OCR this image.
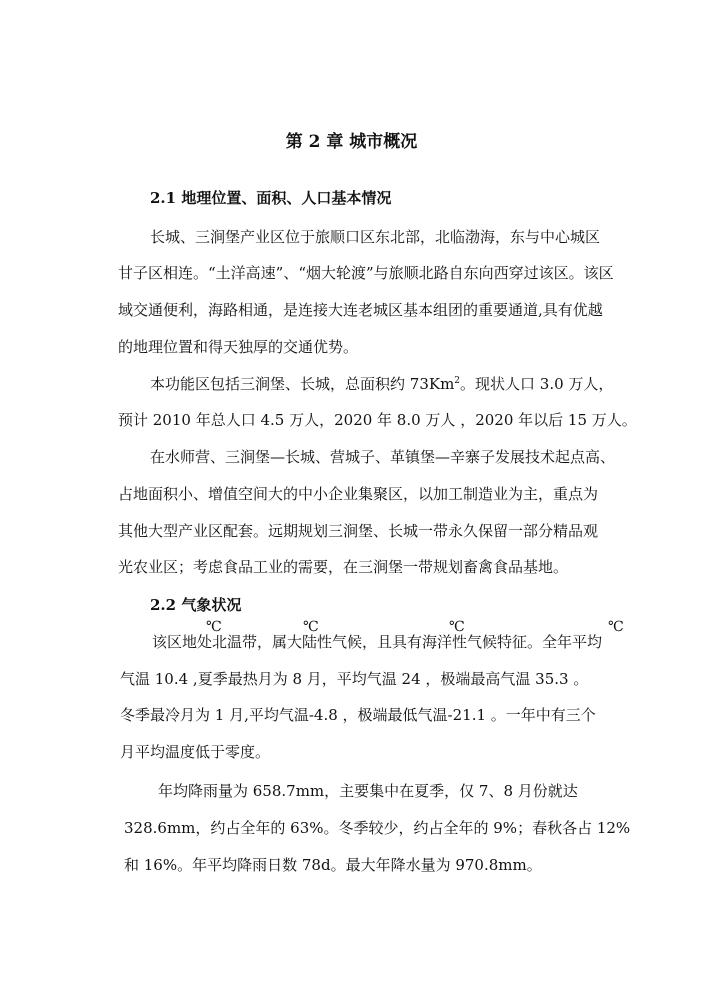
第 2 章 城市概况
2.1 地理位置、面积、人口基本情况
长城、三涧堡产业区位于旅顺口区东北部，北临渤海，东与中心城区
甘子区相连。“土洋高速”、“烟大轮渡”与旅顺北路自东向西穿过该区。该区
域交通便利，海路相通，是连接大连老城区基本组团的重要通道,具有优越
的地理位置和得天独厚的交通优势。
本功能区包括三涧堡、长城，总面积约 73Km$^2$。现状人口 3.0 万人，
预计 2010 年总人口 4.5 万人，2020 年 8.0 万人 ，2020 年以后 15 万人。
在水师营、三涧堡—长城、营城子、革镇堡—辛寨子发展技术起点高、
占地面积小、增值空间大的中小企业集聚区，以加工制造业为主，重点为
其他大型产业区配套。远期规划三涧堡、长城一带永久保留一部分精品观
光农业区；考虑食品工业的需要，在三涧堡一带规划畜禽食品基地。
2.2 气象状况
℃	℃	℃	℃
该区地处北温带，属大陆性气候，且具有海洋性气候特征。全年平均
气温 10.4 ,夏季最热月为 8 月，平均气温 24 ，极端最高气温 35.3 。
冬季最冷月为 1 月,平均气温-4.8 ，极端最低气温-21.1 。一年中有三个
月平均温度低于零度。
年均降雨量为 658.7mm，主要集中在夏季，仅 7、8 月份就达
328.6mm，约占全年的 63%。冬季较少，约占全年的 9%；春秋各占 12%
和 16%。年平均降雨日数 78d。最大年降水量为 970.8mm。
